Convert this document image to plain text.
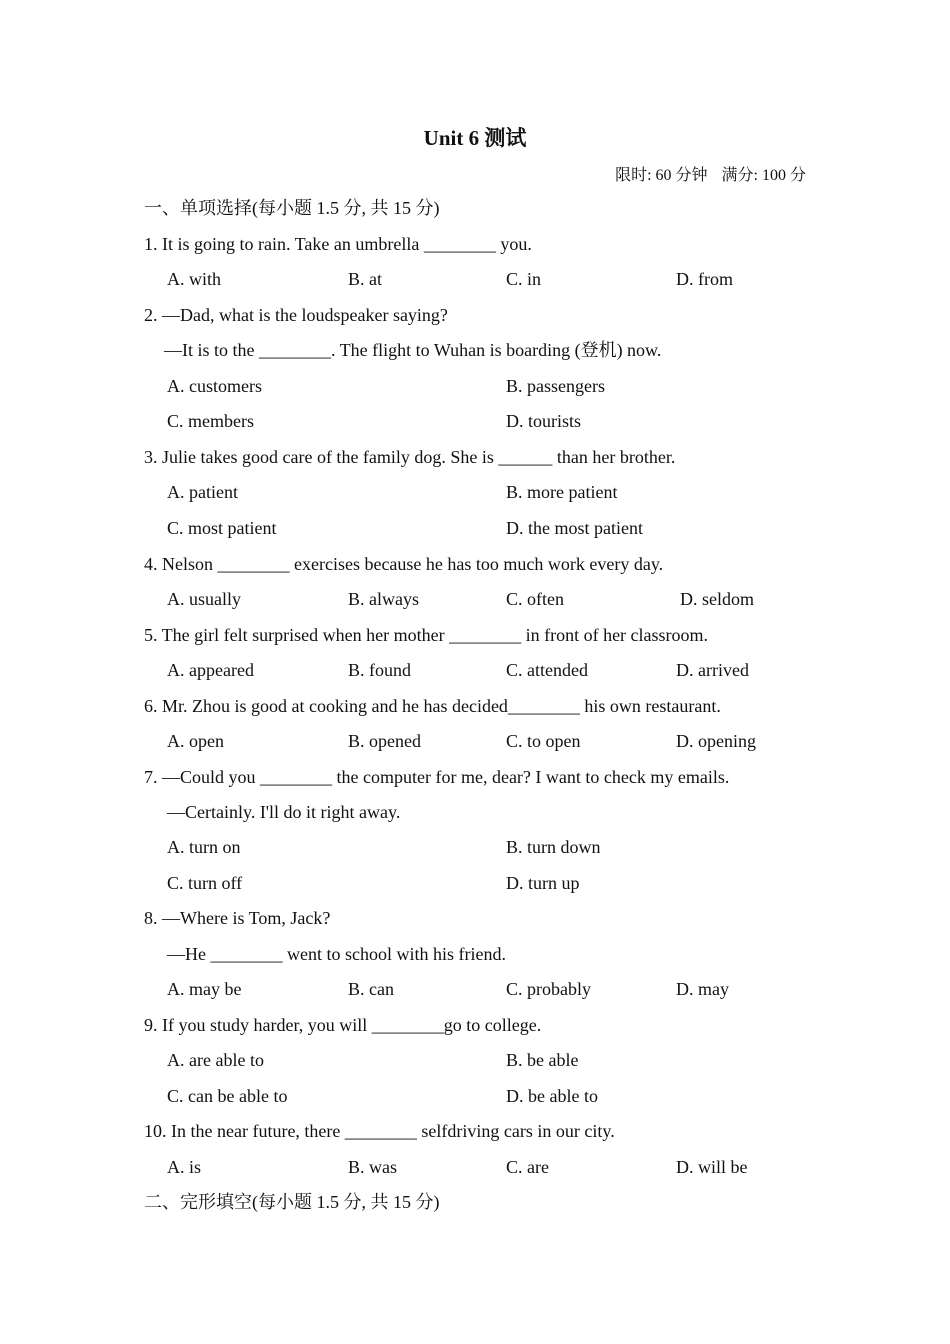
Unit 6 测试
限时: 60 分钟 满分: 100 分
一、单项选择(每小题 1.5 分, 共 15 分)
1. It is going to rain. Take an umbrella ________ you.
A. with	B. at	C. in	D. from
2. —Dad, what is the loudspeaker saying?
—It is to the ________. The flight to Wuhan is boarding (登机) now.
A. customers	B. passengers
C. members	D. tourists
3. Julie takes good care of the family dog. She is ______ than her brother.
A. patient	B. more patient
C. most patient	D. the most patient
4. Nelson ________ exercises because he has too much work every day.
A. usually	B. always	C. often	D. seldom
5. The girl felt surprised when her mother ________ in front of her classroom.
A. appeared	B. found	C. attended	D. arrived
6. Mr. Zhou is good at cooking and he has decided________ his own restaurant.
A. open	B. opened	C. to open	D. opening
7. —Could you ________ the computer for me, dear? I want to check my emails.
—Certainly. I'll do it right away.
A. turn on	B. turn down
C. turn off	D. turn up
8. —Where is Tom, Jack?
—He ________ went to school with his friend.
A. may be	B. can	C. probably	D. may
9. If you study harder, you will ________go to college.
A. are able to	B. be able
C. can be able to	D. be able to
10. In the near future, there ________ selfdriving cars in our city.
A. is	B. was	C. are	D. will be
二、完形填空(每小题 1.5 分, 共 15 分)
